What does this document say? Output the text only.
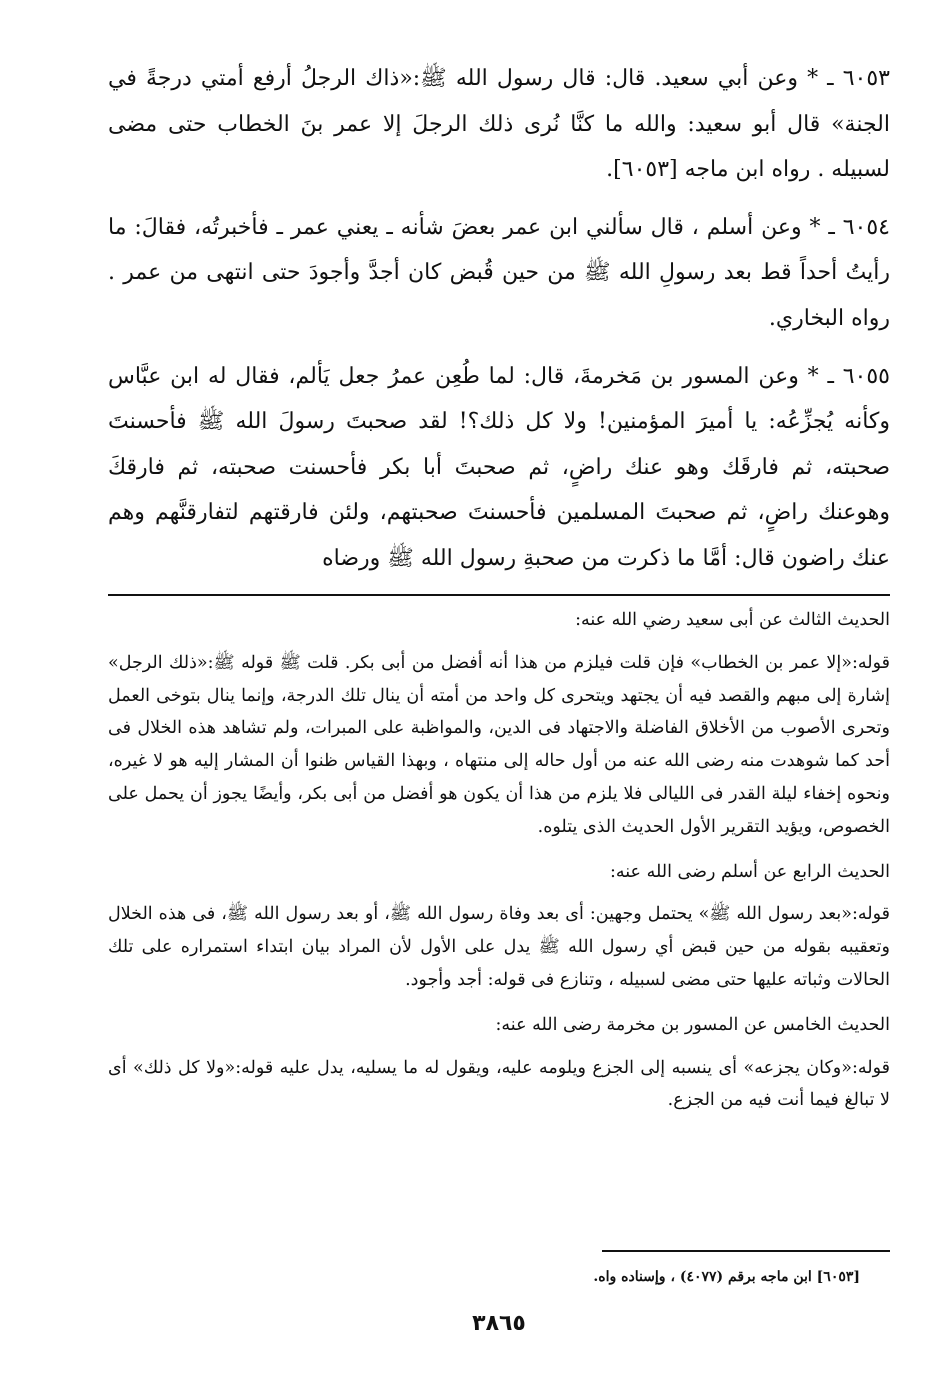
٦٠٥٣ ـ * وعن أبي سعيد. قال: قال رسول الله ﷺ:«ذاك الرجلُ أرفع أمتي درجةً في الجنة» قال أبو سعيد: والله ما كنَّا نُرى ذلك الرجلَ إلا عمر بنَ الخطاب حتى مضى لسبيله . رواه ابن ماجه [٦٠٥٣].

٦٠٥٤ ـ * وعن أسلم ، قال سألني ابن عمر بعضَ شأنه ـ يعني عمر ـ فأخبرتُه، فقالَ: ما رأيتُ أحداً قط بعد رسولِ الله ﷺ من حين قُبض كان أجدَّ وأجودَ حتى انتهى من عمر . رواه البخاري.

٦٠٥٥ ـ * وعن المسور بن مَخرمةَ، قال: لما طُعِن عمرُ جعل يَألم، فقال له ابن عبَّاس وكأنه يُجزِّعُه: يا أميرَ المؤمنين! ولا كل ذلك؟! لقد صحبتَ رسولَ الله ﷺ فأحسنتَ صحبته، ثم فارقَك وهو عنك راضٍ، ثم صحبتَ أبا بكر فأحسنت صحبته، ثم فارقكَ وهوعنك راضٍ، ثم صحبتَ المسلمين فأحسنتَ صحبتهم، ولئن فارقتهم لتفارقنَّهم وهم عنك راضون قال: أمَّا ما ذكرت من صحبةِ رسول الله ﷺ ورضاه

الحديث الثالث عن أبى سعيد رضي الله عنه:

قوله:«إلا عمر بن الخطاب» فإن قلت فيلزم من هذا أنه أفضل من أبى بكر. قلت ﷺ قوله ﷺ:«ذلك الرجل» إشارة إلى مبهم والقصد فيه أن يجتهد ويتحرى كل واحد من أمته أن ينال تلك الدرجة، وإنما ينال بتوخى العمل وتحرى الأصوب من الأخلاق الفاضلة والاجتهاد فى الدين، والمواظبة على المبرات، ولم تشاهد هذه الخلال فى أحد كما شوهدت منه رضى الله عنه من أول حاله إلى منتهاه ، وبهذا القياس ظنوا أن المشار إليه هو لا غيره، ونحوه إخفاء ليلة القدر فى الليالى فلا يلزم من هذا أن يكون هو أفضل من أبى بكر، وأيضًا يجوز أن يحمل على الخصوص، ويؤيد التقرير الأول الحديث الذى يتلوه.

الحديث الرابع عن أسلم رضى الله عنه:

قوله:«بعد رسول الله ﷺ» يحتمل وجهين: أى بعد وفاة رسول الله ﷺ، أو بعد رسول الله ﷺ، فى هذه الخلال وتعقيبه بقوله من حين قبض أي رسول الله ﷺ يدل على الأول لأن المراد بيان ابتداء استمراره على تلك الحالات وثباته عليها حتى مضى لسبيله ، وتنازع فى قوله: أجد وأجود.

الحديث الخامس عن المسور بن مخرمة رضى الله عنه:

قوله:«وكان يجزعه» أى ينسبه إلى الجزع ويلومه عليه، ويقول له ما يسليه، يدل عليه قوله:«ولا كل ذلك» أى لا تبالغ فيما أنت فيه من الجزع.

[٦٠٥٣] ابن ماجه برقم (٤٠٧٧) ، وإسناده واه.
٣٨٦٥
